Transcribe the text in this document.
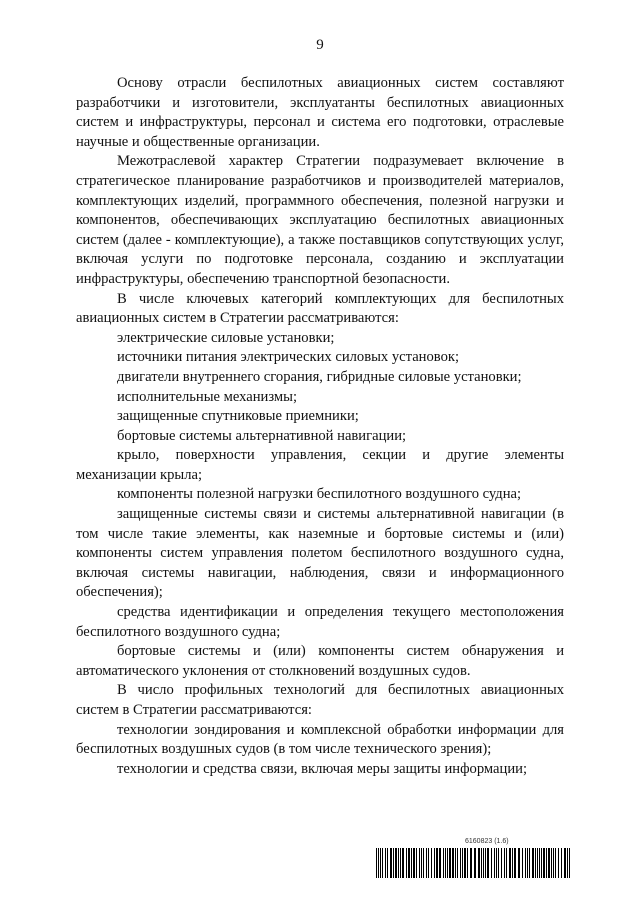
9

Основу отрасли беспилотных авиационных систем составляют разработчики и изготовители, эксплуатанты беспилотных авиационных систем и инфраструктуры, персонал и система его подготовки, отраслевые научные и общественные организации.

Межотраслевой характер Стратегии подразумевает включение в стратегическое планирование разработчиков и производителей материалов, комплектующих изделий, программного обеспечения, полезной нагрузки и компонентов, обеспечивающих эксплуатацию беспилотных авиационных систем (далее - комплектующие), а также поставщиков сопутствующих услуг, включая услуги по подготовке персонала, созданию и эксплуатации инфраструктуры, обеспечению транспортной безопасности.

В числе ключевых категорий комплектующих для беспилотных авиационных систем в Стратегии рассматриваются:

электрические силовые установки;

источники питания электрических силовых установок;

двигатели внутреннего сгорания, гибридные силовые установки;

исполнительные механизмы;

защищенные спутниковые приемники;

бортовые системы альтернативной навигации;

крыло, поверхности управления, секции и другие элементы механизации крыла;

компоненты полезной нагрузки беспилотного воздушного судна;

защищенные системы связи и системы альтернативной навигации (в том числе такие элементы, как наземные и бортовые системы и (или) компоненты систем управления полетом беспилотного воздушного судна, включая системы навигации, наблюдения, связи и информационного обеспечения);

средства идентификации и определения текущего местоположения беспилотного воздушного судна;

бортовые системы и (или) компоненты систем обнаружения и автоматического уклонения от столкновений воздушных судов.

В число профильных технологий для беспилотных авиационных систем в Стратегии рассматриваются:

технологии зондирования и комплексной обработки информации для беспилотных воздушных судов (в том числе технического зрения);

технологии и средства связи, включая меры защиты информации;

6160823 (1.6)
